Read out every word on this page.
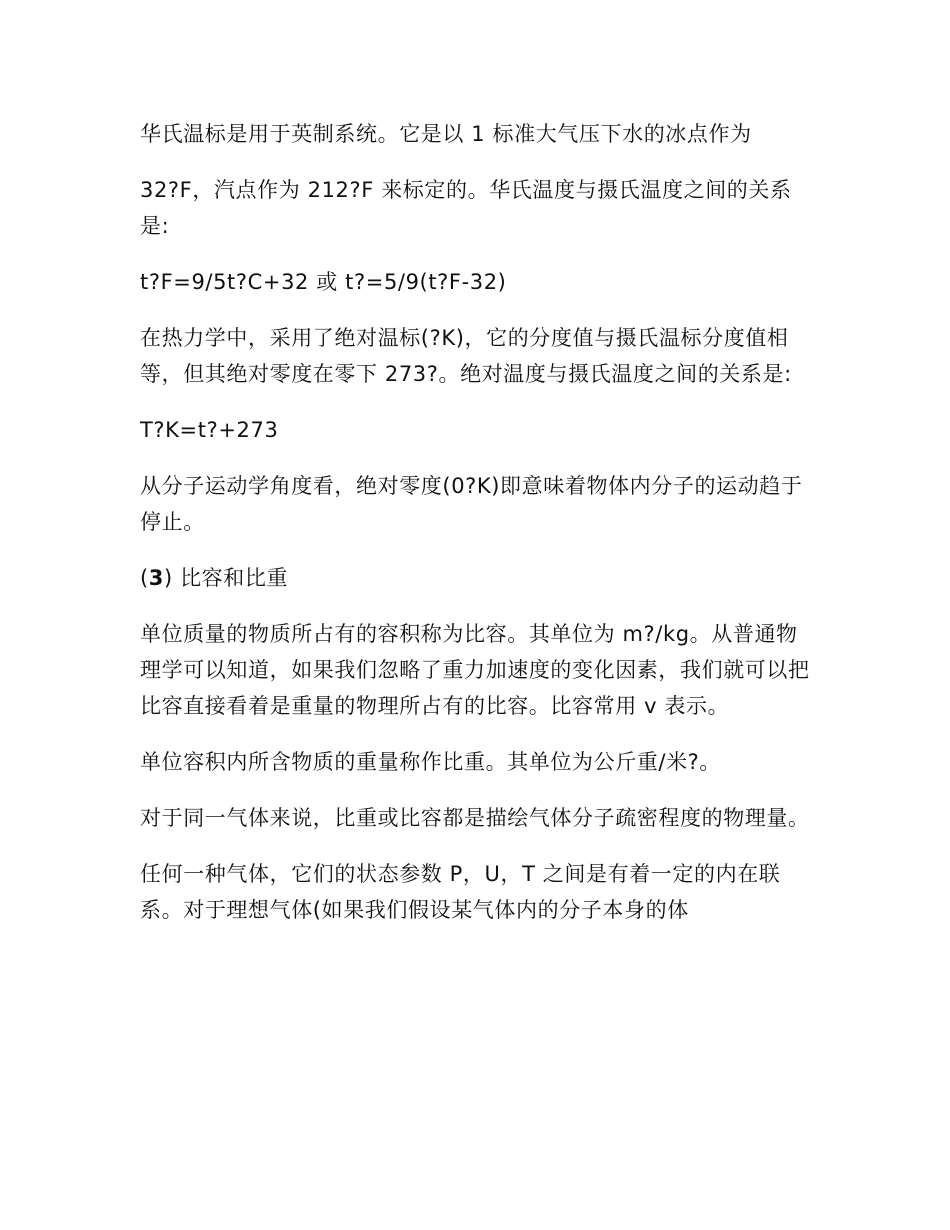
华氏温标是用于英制系统。它是以 1 标准大气压下水的冰点作为

32?F，汽点作为 212?F 来标定的。华氏温度与摄氏温度之间的关系是:

t?F=9/5t?C+32 或 t?=5/9(t?F-32)

在热力学中，采用了绝对温标(?K)，它的分度值与摄氏温标分度值相等，但其绝对零度在零下 273?。绝对温度与摄氏温度之间的关系是:

T?K=t?+273

从分子运动学角度看，绝对零度(0?K)即意味着物体内分子的运动趋于停止。

(3) 比容和比重

单位质量的物质所占有的容积称为比容。其单位为 m?/kg。从普通物理学可以知道，如果我们忽略了重力加速度的变化因素，我们就可以把比容直接看着是重量的物理所占有的比容。比容常用 v 表示。

单位容积内所含物质的重量称作比重。其单位为公斤重/米?。

对于同一气体来说，比重或比容都是描绘气体分子疏密程度的物理量。

任何一种气体，它们的状态参数 P，U，T 之间是有着一定的内在联系。对于理想气体(如果我们假设某气体内的分子本身的体
